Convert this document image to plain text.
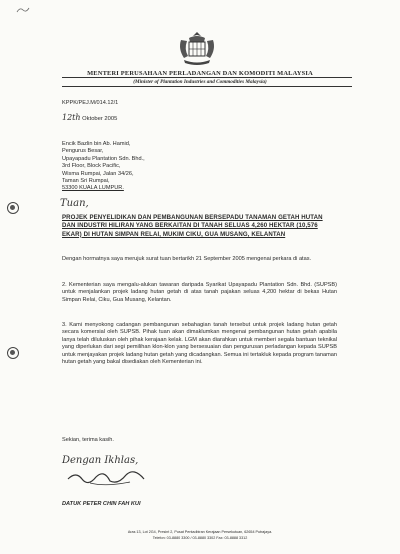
MENTERI PERUSAHAAN PERLADANGAN DAN KOMODITI MALAYSIA
(Minister of Plantation Industries and Commodities Malaysia)
KPPK/PEJ.M/014.12/1
12th Oktober 2005
Encik Bazlin bin Ab. Hamid,
Pengurus Besar,
Upayapadu Plantation Sdn. Bhd.,
3rd Floor, Block Pacific,
Wisma Rumpai, Jalan 34/26,
Taman Sri Rumpai,
53300 KUALA LUMPUR.
Tuan,
PROJEK PENYELIDIKAN DAN PEMBANGUNAN BERSEPADU TANAMAN GETAH HUTAN DAN INDUSTRI HILIRAN YANG BERKAITAN DI TANAH SELUAS 4,260 HEKTAR (10,576 EKAR) DI HUTAN SIMPAN RELAI, MUKIM CIKU, GUA MUSANG, KELANTAN
Dengan hormatnya saya merujuk surat tuan bertarikh 21 September 2005 mengenai perkara di atas.
2. Kementerian saya mengalu-alukan tawaran daripada Syarikat Upayapadu Plantation Sdn. Bhd. (SUPSB) untuk menjalankan projek ladang hutan getah di atas tanah pajakan seluas 4,200 hektar di bekas Hutan Simpan Relai, Ciku, Gua Musang, Kelantan.
3. Kami menyokong cadangan pembangunan sebahagian tanah tersebut untuk projek ladang hutan getah secara komersial oleh SUPSB. Pihak tuan akan dimaklumkan mengenai pembangunan hutan getah apabila lanya telah diluluskan oleh pihak kerajaan kelak. LGM akan diarahkan untuk memberi segala bantuan teknikal yang diperlukan dari segi pemilihan klon-klon yang bersesuaian dan pengurusan perladangan kepada SUPSB untuk menjayakan projek ladang hutan getah yang dicadangkan. Semua ini tertakluk kepada program tanaman hutan getah yang bakal disediakan oleh Kementerian ini.
Sekian, terima kasih.
Dengan Ikhlas,
DATUK PETER CHIN FAH KUI
Aras 13, Lot 2G4, Presint 2, Pusat Pentadbiran Kerajaan Persekutuan, 62654 Putrajaya.
Telefon: 03-8880 3300 / 03-8880 3302 Fax: 03-8888 3312
